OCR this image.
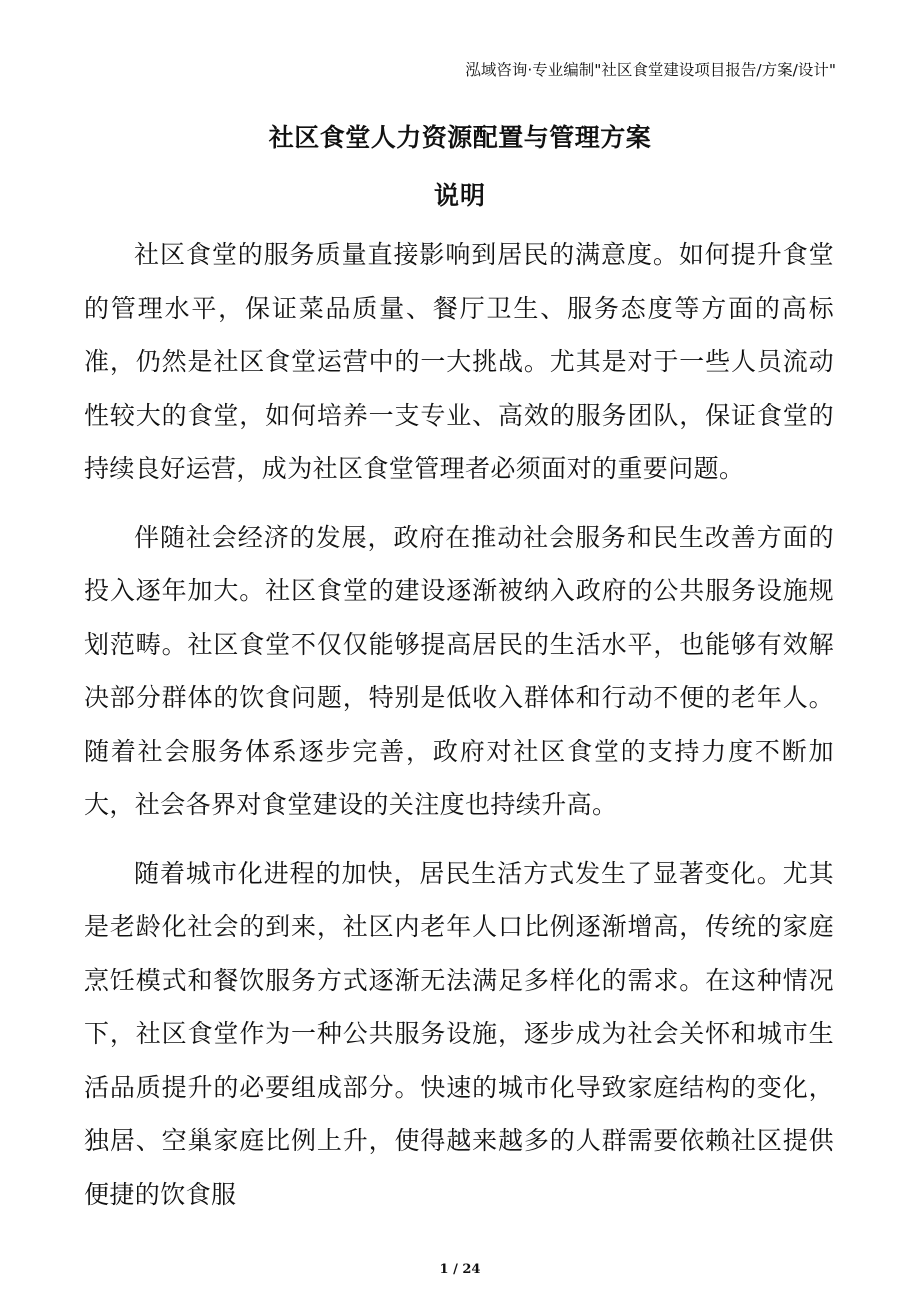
泓域咨询·专业编制"社区食堂建设项目报告/方案/设计"
社区食堂人力资源配置与管理方案
说明

社区食堂的服务质量直接影响到居民的满意度。如何提升食堂的管理水平，保证菜品质量、餐厅卫生、服务态度等方面的高标准，仍然是社区食堂运营中的一大挑战。尤其是对于一些人员流动性较大的食堂，如何培养一支专业、高效的服务团队，保证食堂的持续良好运营，成为社区食堂管理者必须面对的重要问题。

伴随社会经济的发展，政府在推动社会服务和民生改善方面的投入逐年加大。社区食堂的建设逐渐被纳入政府的公共服务设施规划范畴。社区食堂不仅仅能够提高居民的生活水平，也能够有效解决部分群体的饮食问题，特别是低收入群体和行动不便的老年人。随着社会服务体系逐步完善，政府对社区食堂的支持力度不断加大，社会各界对食堂建设的关注度也持续升高。

随着城市化进程的加快，居民生活方式发生了显著变化。尤其是老龄化社会的到来，社区内老年人口比例逐渐增高，传统的家庭烹饪模式和餐饮服务方式逐渐无法满足多样化的需求。在这种情况下，社区食堂作为一种公共服务设施，逐步成为社会关怀和城市生活品质提升的必要组成部分。快速的城市化导致家庭结构的变化，独居、空巢家庭比例上升，使得越来越多的人群需要依赖社区提供便捷的饮食服

1 / 24
